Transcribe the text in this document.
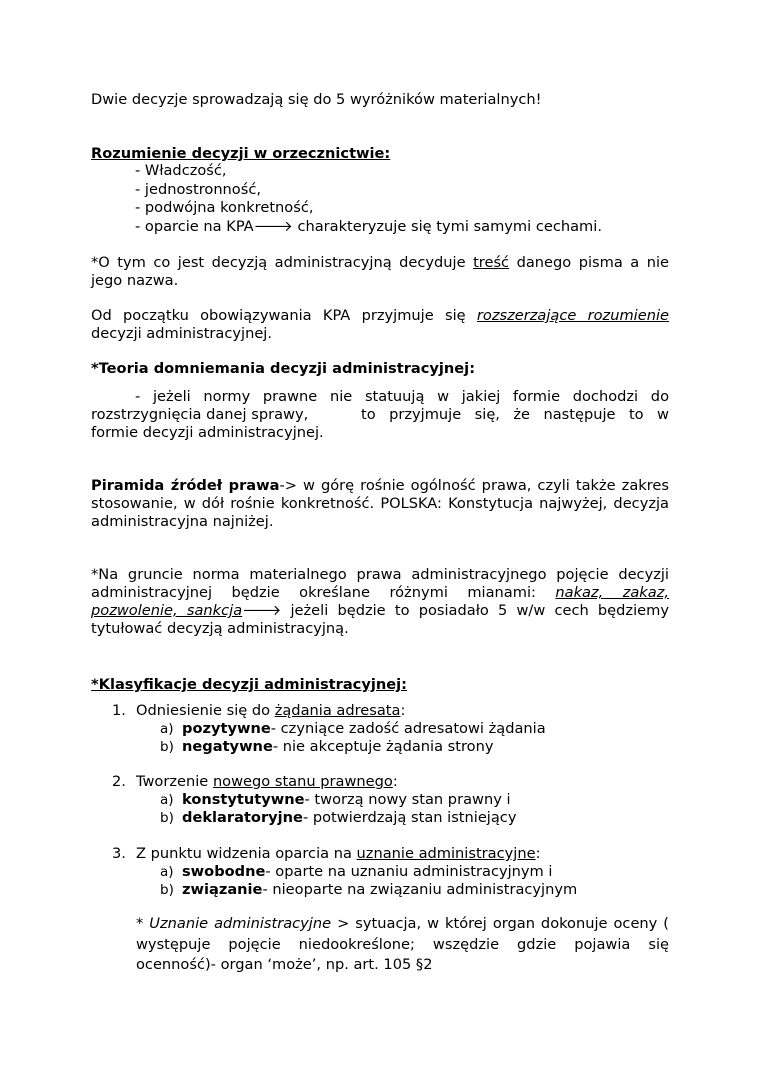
Dwie decyzje sprowadzają się do 5 wyróżników materialnych!

Rozumienie decyzji w orzecznictwie:

- Władczość,

- jednostronność,

- podwójna konkretność,

- oparcie na KPA🡒 charakteryzuje się tymi samymi cechami.

*O tym co jest decyzją administracyjną decyduje treść danego pisma a nie jego nazwa.

Od początku obowiązywania KPA przyjmuje się rozszerzające rozumienie decyzji administracyjnej.

*Teoria domniemania decyzji administracyjnej:

- jeżeli normy prawne nie statuują w jakiej formie dochodzi do

rozstrzygnięcia danej sprawy,	to przyjmuje się, że następuje to w

formie decyzji administracyjnej.

Piramida źródeł prawa-> w górę rośnie ogólność prawa, czyli także zakres stosowanie, w dół rośnie konkretność. POLSKA: Konstytucja najwyżej, decyzja administracyjna najniżej.

*Na gruncie norma materialnego prawa administracyjnego pojęcie decyzji administracyjnej będzie określane różnymi mianami: nakaz, zakaz, pozwolenie, sankcja🡒 jeżeli będzie to posiadało 5 w/w cech będziemy tytułować decyzją administracyjną.

*Klasyfikacje decyzji administracyjnej:

1. Odniesienie się do żądania adresata:

a) pozytywne- czyniące zadość adresatowi żądania

b) negatywne- nie akceptuje żądania strony

2. Tworzenie nowego stanu prawnego:

a) konstytutywne- tworzą nowy stan prawny i

b) deklaratoryjne- potwierdzają stan istniejący

3. Z punktu widzenia oparcia na uznanie administracyjne:

a) swobodne- oparte na uznaniu administracyjnym i

b) związanie- nieoparte na związaniu administracyjnym

* Uznanie administracyjne > sytuacja, w której organ dokonuje oceny ( występuje pojęcie niedookreślone; wszędzie gdzie pojawia się ocenność)- organ ‘może’, np. art. 105 §2
